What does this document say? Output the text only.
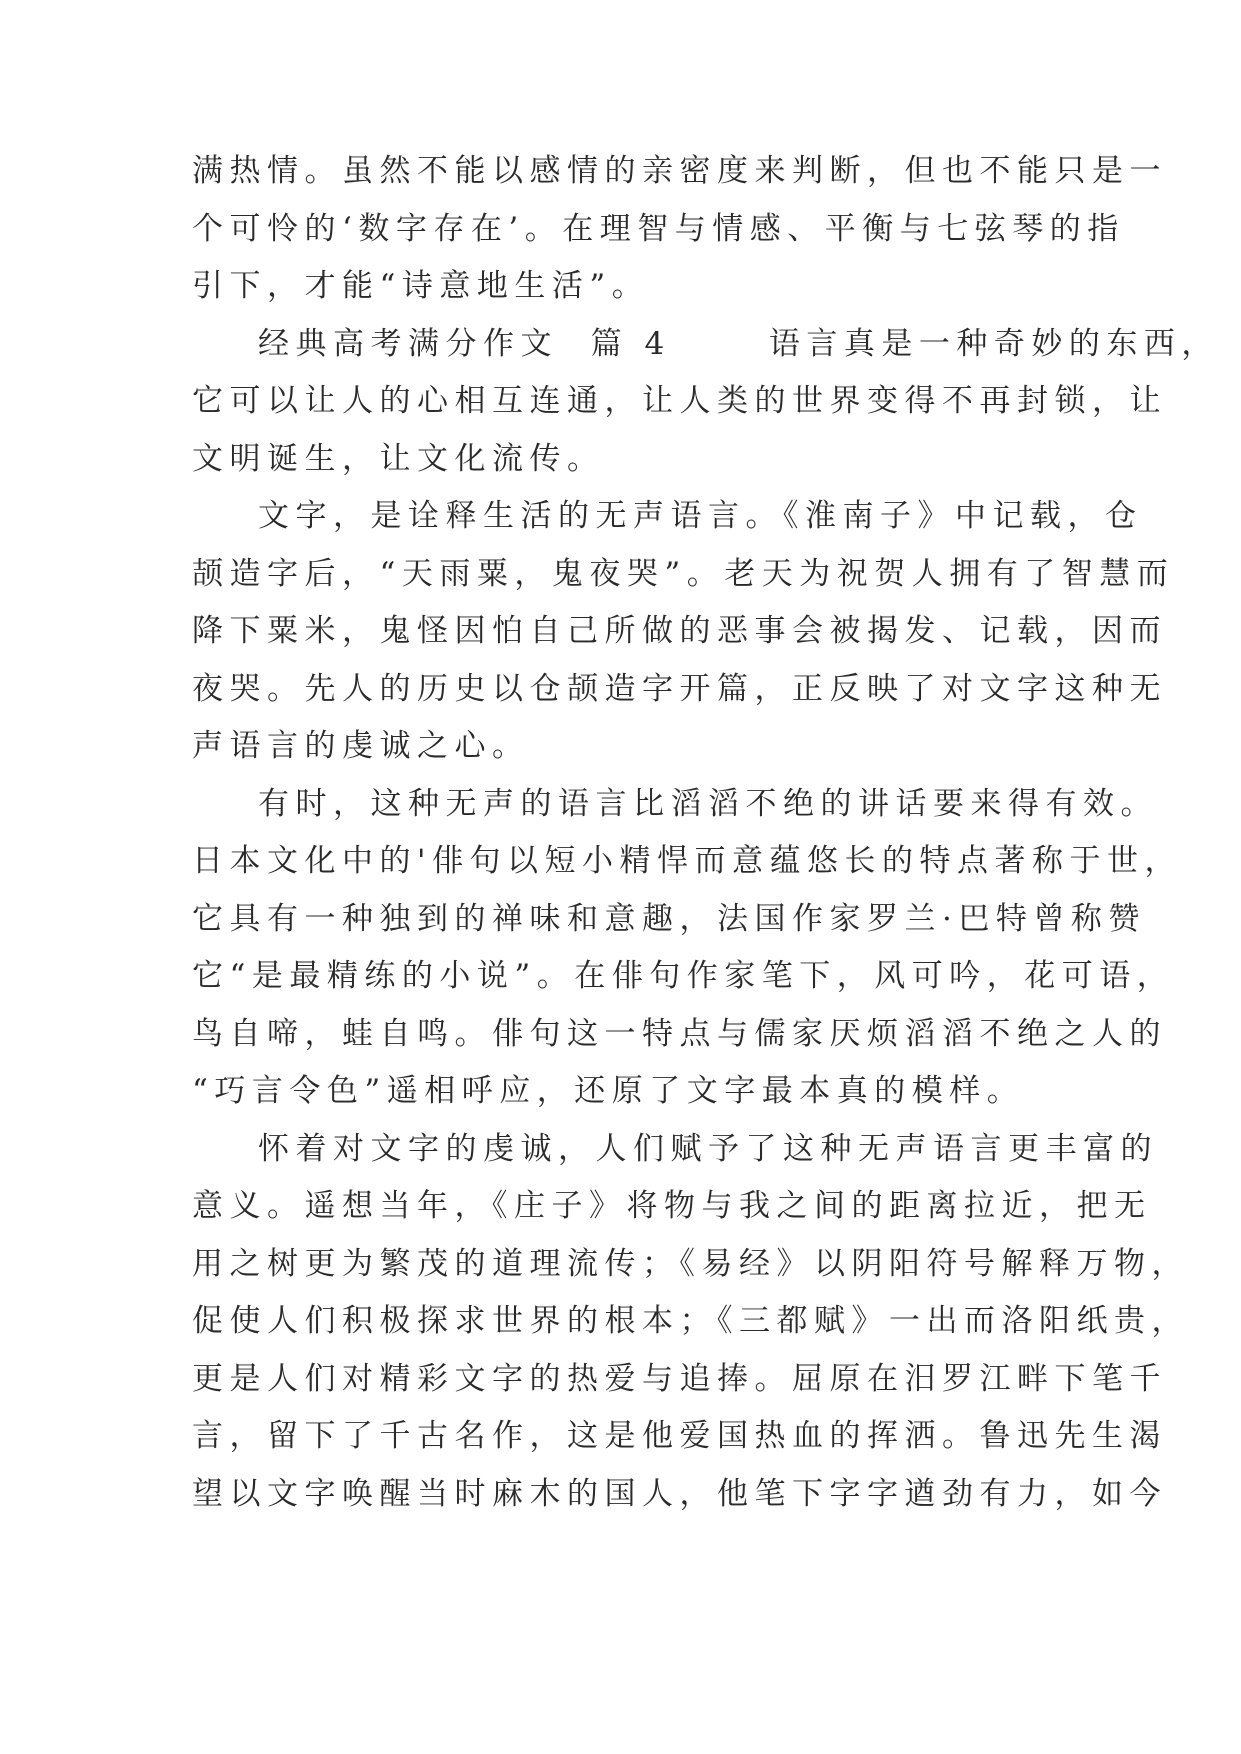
满热情。虽然不能以感情的亲密度来判断，但也不能只是一
个可怜的‘数字存在’。在理智与情感、平衡与七弦琴的指
引下，才能“诗意地生活”。
经典高考满分作文  篇 4      语言真是一种奇妙的东西，
它可以让人的心相互连通，让人类的世界变得不再封锁，让
文明诞生，让文化流传。
文字，是诠释生活的无声语言。《淮南子》中记载，仓
颉造字后，“天雨粟，鬼夜哭”。老天为祝贺人拥有了智慧而
降下粟米，鬼怪因怕自己所做的恶事会被揭发、记载，因而
夜哭。先人的历史以仓颉造字开篇，正反映了对文字这种无
声语言的虔诚之心。
有时，这种无声的语言比滔滔不绝的讲话要来得有效。
日本文化中的'俳句以短小精悍而意蕴悠长的特点著称于世，
它具有一种独到的禅味和意趣，法国作家罗兰·巴特曾称赞
它“是最精练的小说”。在俳句作家笔下，风可吟，花可语，
鸟自啼，蛙自鸣。俳句这一特点与儒家厌烦滔滔不绝之人的
“巧言令色”遥相呼应，还原了文字最本真的模样。
怀着对文字的虔诚，人们赋予了这种无声语言更丰富的
意义。遥想当年，《庄子》将物与我之间的距离拉近，把无
用之树更为繁茂的道理流传；《易经》以阴阳符号解释万物，
促使人们积极探求世界的根本；《三都赋》一出而洛阳纸贵，
更是人们对精彩文字的热爱与追捧。屈原在汨罗江畔下笔千
言，留下了千古名作，这是他爱国热血的挥洒。鲁迅先生渴
望以文字唤醒当时麻木的国人，他笔下字字遒劲有力，如今
